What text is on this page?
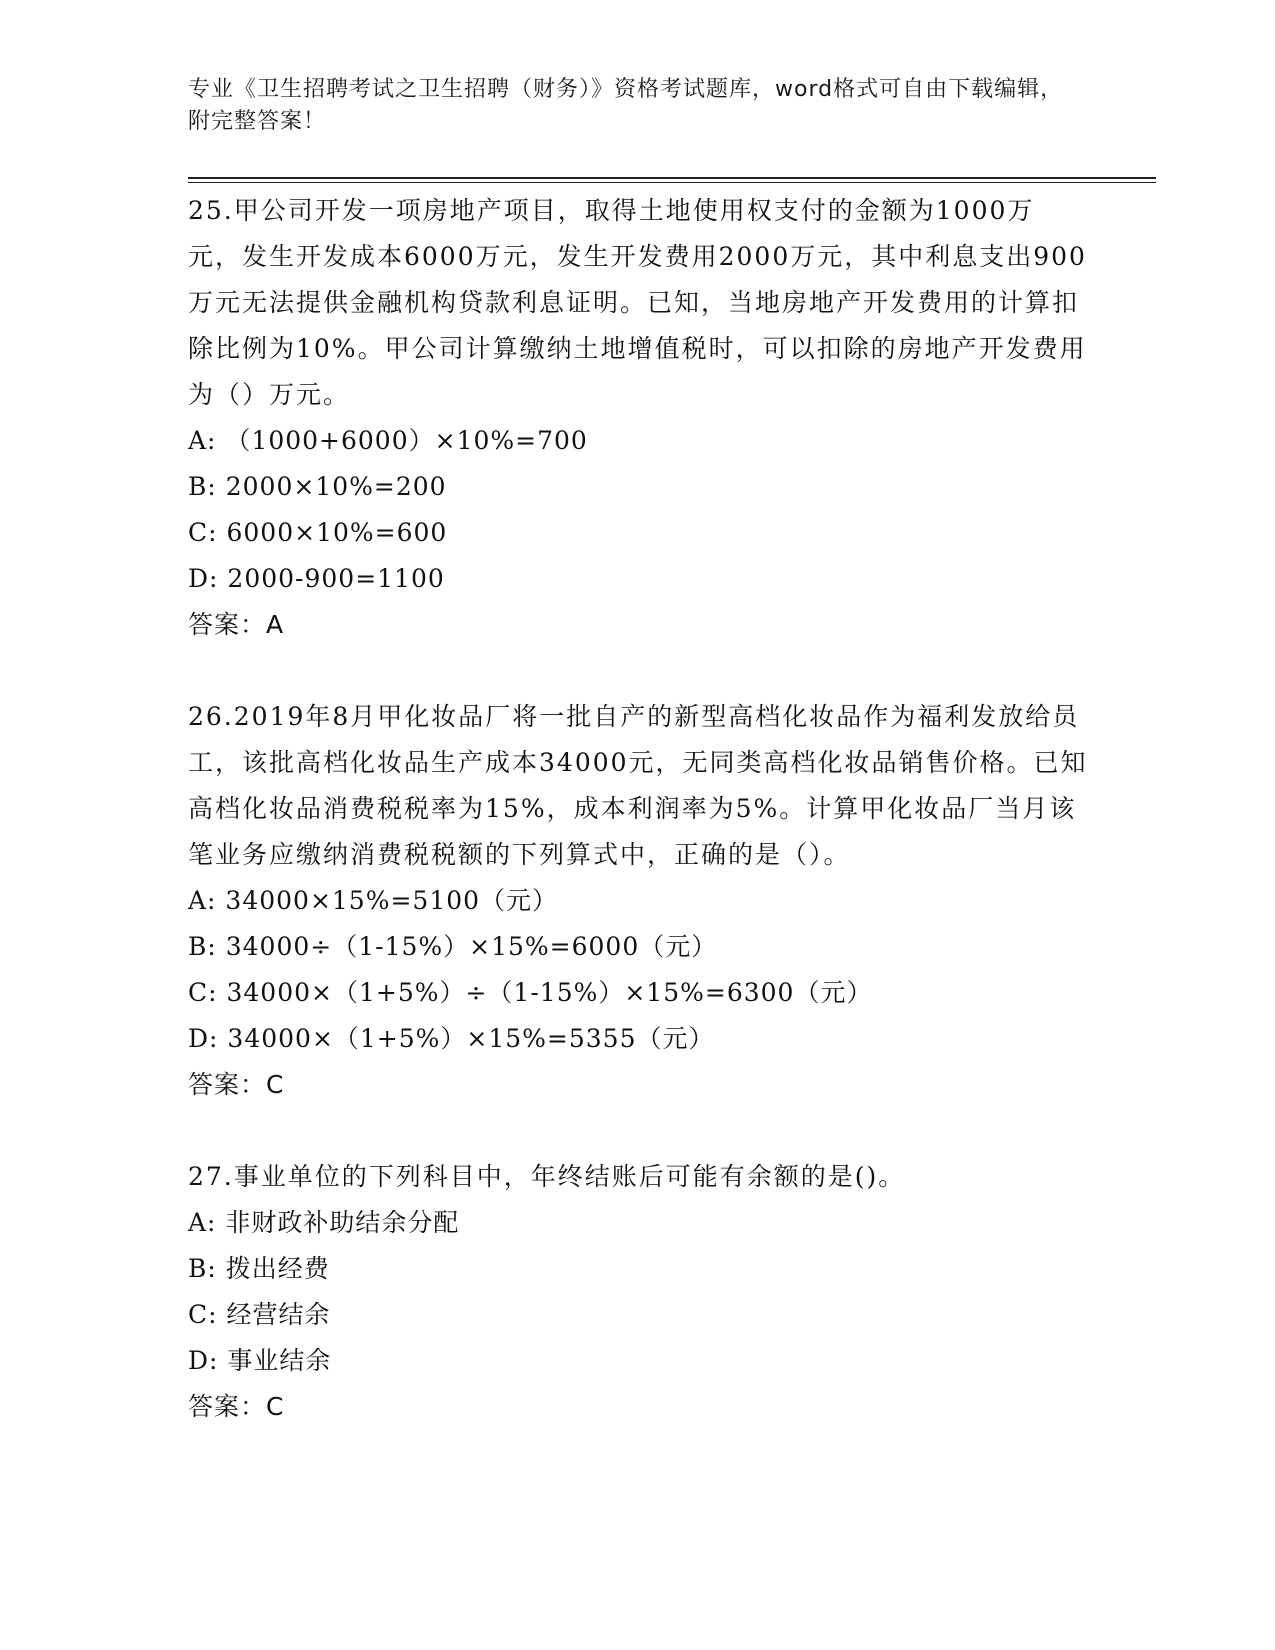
专业《卫生招聘考试之卫生招聘（财务）》资格考试题库，word格式可自由下载编辑，附完整答案！

25.甲公司开发一项房地产项目，取得土地使用权支付的金额为1000万元，发生开发成本6000万元，发生开发费用2000万元，其中利息支出900万元无法提供金融机构贷款利息证明。已知，当地房地产开发费用的计算扣除比例为10%。甲公司计算缴纳土地增值税时，可以扣除的房地产开发费用为（）万元。

A: （1000+6000）×10%=700

B: 2000×10%=200

C: 6000×10%=600

D: 2000-900=1100

答案：A

26.2019年8月甲化妆品厂将一批自产的新型高档化妆品作为福利发放给员工，该批高档化妆品生产成本34000元，无同类高档化妆品销售价格。已知高档化妆品消费税税率为15%，成本利润率为5%。计算甲化妆品厂当月该笔业务应缴纳消费税税额的下列算式中，正确的是（）。

A: 34000×15%=5100（元）

B: 34000÷（1-15%）×15%=6000（元）

C: 34000×（1+5%）÷（1-15%）×15%=6300（元）

D: 34000×（1+5%）×15%=5355（元）

答案：C

27.事业单位的下列科目中，年终结账后可能有余额的是()。

A: 非财政补助结余分配

B: 拨出经费

C: 经营结余

D: 事业结余

答案：C
